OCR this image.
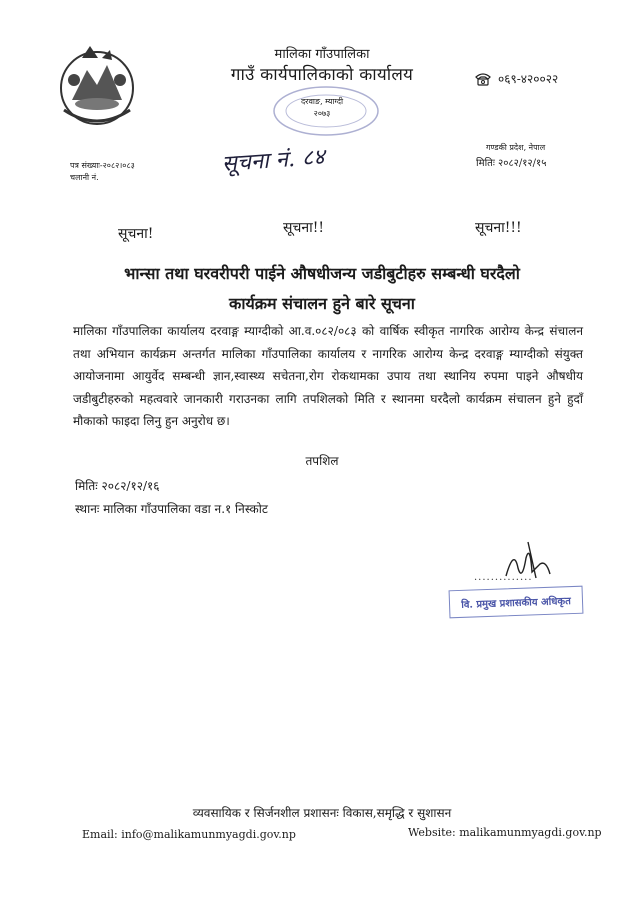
मालिका गाँउपालिका
गाउँ कार्यपालिकाको कार्यालय
दरवाङ, म्याग्दी
२०७३
०६९-४२००२२
गण्डकी प्रदेश, नेपाल
मितिः २०८२/१२/१५
पत्र संख्याः-२०८२।०८३
चलानी नं.
सूचना नं. ८४
सूचना!	सूचना!!	सूचना!!!
भान्सा तथा घरवरीपरी पाईने औषधीजन्य जडीबुटीहरु सम्बन्धी घरदैलो
कार्यक्रम संचालन हुने बारे सूचना

मालिका गाँउपालिका कार्यालय दरवाङ्ग म्याग्दीको आ.व.०८२/०८३ को वार्षिक स्वीकृत नागरिक आरोग्य केन्द्र संचालन तथा अभियान कार्यक्रम अन्तर्गत मालिका गाँउपालिका कार्यालय र नागरिक आरोग्य केन्द्र दरवाङ्ग म्याग्दीको संयुक्त आयोजनामा आयुर्वेद सम्बन्धी ज्ञान,स्वास्थ्य सचेतना,रोग रोकथामका उपाय तथा स्थानिय रुपमा पाइने औषधीय जडीबुटीहरुको महत्ववारे जानकारी गराउनका लागि तपशिलको मिति र स्थानमा घरदैलो कार्यक्रम संचालन हुने हुदाँ मौकाको फाइदा लिनु हुन अनुरोध छ।

तपशिल
मितिः २०८२/१२/१६
स्थानः मालिका गाँउपालिका वडा न.१ निस्कोट
..............
वि. प्रमुख प्रशासकीय अधिकृत
व्यवसायिक र सिर्जनशील प्रशासनः विकास,समृद्धि र सुशासन
Email: info@malikamunmyagdi.gov.np	Website: malikamunmyagdi.gov.np
